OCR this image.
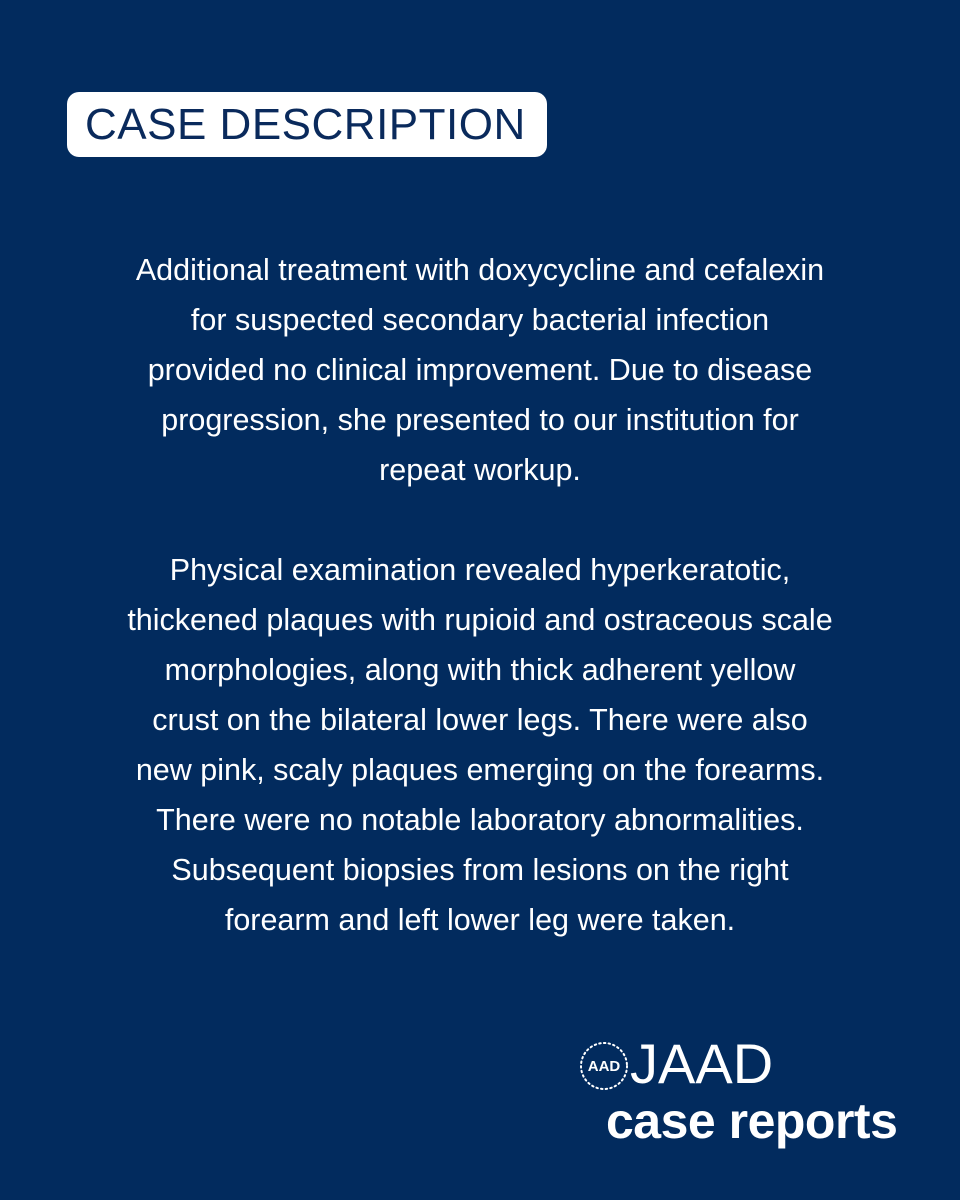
CASE DESCRIPTION
Additional treatment with doxycycline and cefalexin
for suspected secondary bacterial infection
provided no clinical improvement. Due to disease
progression, she presented to our institution for
repeat workup.
Physical examination revealed hyperkeratotic,
thickened plaques with rupioid and ostraceous scale
morphologies, along with thick adherent yellow
crust on the bilateral lower legs. There were also
new pink, scaly plaques emerging on the forearms.
There were no notable laboratory abnormalities.
Subsequent biopsies from lesions on the right
forearm and left lower leg were taken.
AAD JAAD
case reports
